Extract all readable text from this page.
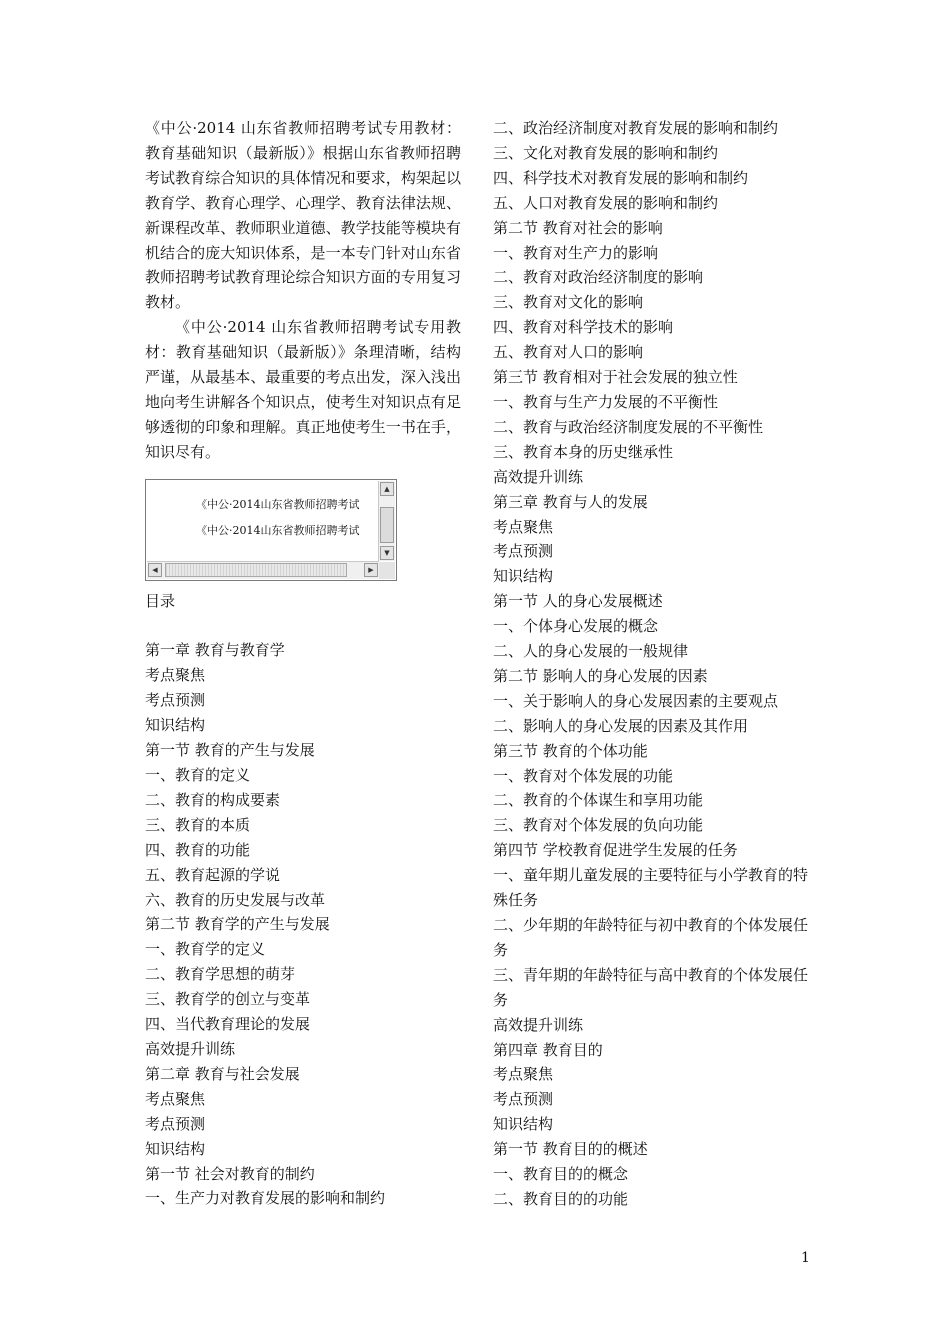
《中公·2014 山东省教师招聘考试专用教材：教育基础知识（最新版）》根据山东省教师招聘考试教育综合知识的具体情况和要求，构架起以教育学、教育心理学、心理学、教育法律法规、新课程改革、教师职业道德、教学技能等模块有机结合的庞大知识体系，是一本专门针对山东省教师招聘考试教育理论综合知识方面的专用复习教材。

《中公·2014 山东省教师招聘考试专用教材：教育基础知识（最新版）》条理清晰，结构严谨，从最基本、最重要的考点出发，深入浅出地向考生讲解各个知识点，使考生对知识点有足够透彻的印象和理解。真正地使考生一书在手，知识尽有。

《中公·2014山东省教师招聘考试
《中公·2014山东省教师招聘考试
▲
▼
◀	▶
目录
第一章 教育与教育学
考点聚焦
考点预测
知识结构
第一节 教育的产生与发展
一、教育的定义
二、教育的构成要素
三、教育的本质
四、教育的功能
五、教育起源的学说
六、教育的历史发展与改革
第二节 教育学的产生与发展
一、教育学的定义
二、教育学思想的萌芽
三、教育学的创立与变革
四、当代教育理论的发展
高效提升训练
第二章 教育与社会发展
考点聚焦
考点预测
知识结构
第一节 社会对教育的制约
一、生产力对教育发展的影响和制约
二、政治经济制度对教育发展的影响和制约
三、文化对教育发展的影响和制约
四、科学技术对教育发展的影响和制约
五、人口对教育发展的影响和制约
第二节 教育对社会的影响
一、教育对生产力的影响
二、教育对政治经济制度的影响
三、教育对文化的影响
四、教育对科学技术的影响
五、教育对人口的影响
第三节 教育相对于社会发展的独立性
一、教育与生产力发展的不平衡性
二、教育与政治经济制度发展的不平衡性
三、教育本身的历史继承性
高效提升训练
第三章 教育与人的发展
考点聚焦
考点预测
知识结构
第一节 人的身心发展概述
一、个体身心发展的概念
二、人的身心发展的一般规律
第二节 影响人的身心发展的因素
一、关于影响人的身心发展因素的主要观点
二、影响人的身心发展的因素及其作用
第三节 教育的个体功能
一、教育对个体发展的功能
二、教育的个体谋生和享用功能
三、教育对个体发展的负向功能
第四节 学校教育促进学生发展的任务
一、童年期儿童发展的主要特征与小学教育的特殊任务
二、少年期的年龄特征与初中教育的个体发展任务
三、青年期的年龄特征与高中教育的个体发展任务
高效提升训练
第四章 教育目的
考点聚焦
考点预测
知识结构
第一节 教育目的的概述
一、教育目的的概念
二、教育目的的功能
1
